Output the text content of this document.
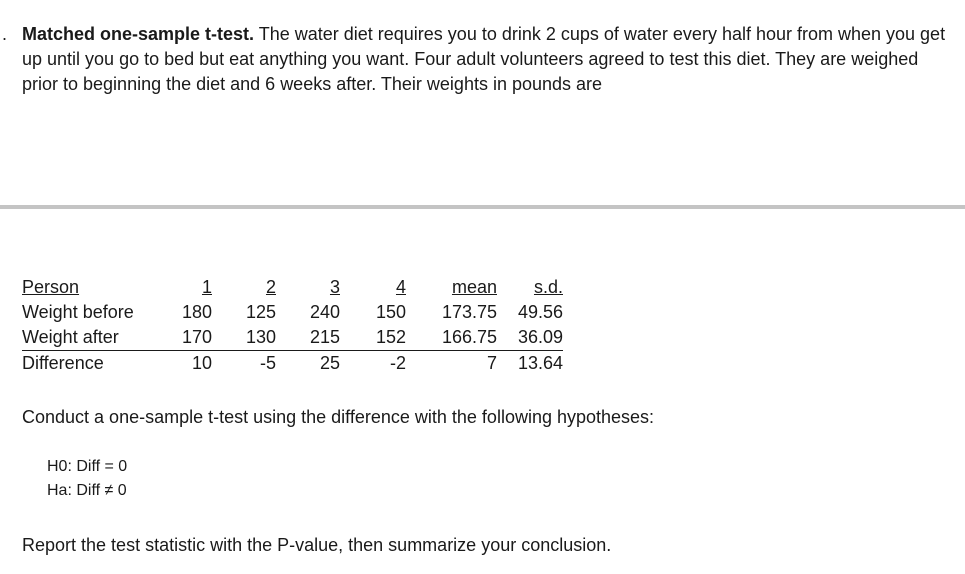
. Matched one-sample t-test. The water diet requires you to drink 2 cups of water every half hour from when you get up until you go to bed but eat anything you want. Four adult volunteers agreed to test this diet. They are weighed prior to beginning the diet and 6 weeks after. Their weights in pounds are
Person	1	2	3	4	mean	s.d.
Weight before	180	125	240	150	173.75	49.56
Weight after	170	130	215	152	166.75	36.09
Difference	10	-5	25	-2	7	13.64
Conduct a one-sample t-test using the difference with the following hypotheses:
H0: Diff = 0
Ha: Diff ≠ 0
Report the test statistic with the P-value, then summarize your conclusion.
